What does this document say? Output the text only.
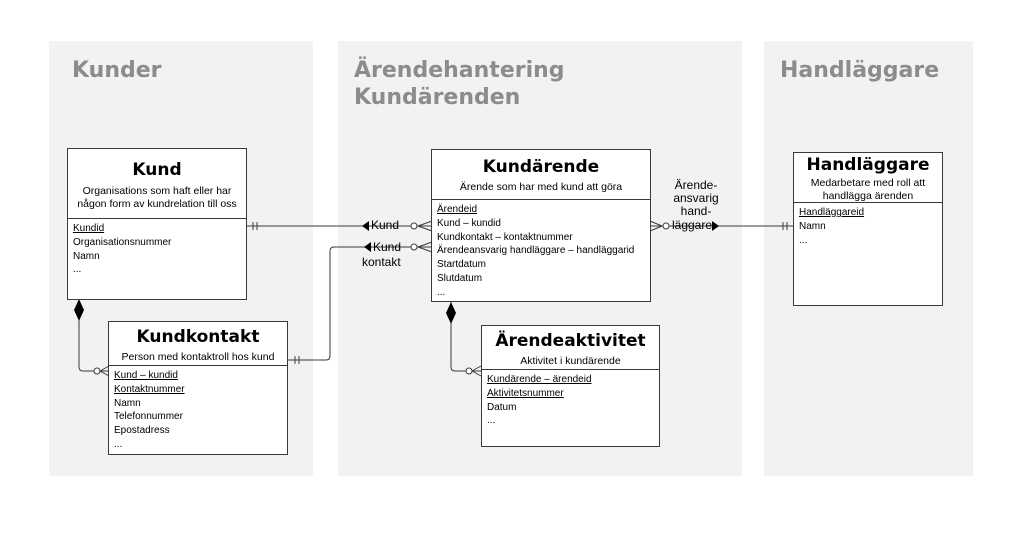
Kunder	Ärendehantering
Kundärenden
Handläggare
Kund
Kund
kontakt
Ärende-
ansvarig
hand-
läggare
Kund
Organisations som haft eller har
någon form av kundrelation till oss
Kundid
Organisationsnummer
Namn
...
Kundkontakt
Person med kontaktroll hos kund
Kund – kundid
Kontaktnummer
Namn
Telefonnummer
Epostadress
...
Kundärende
Ärende som har med kund att göra
Ärendeid
Kund – kundid
Kundkontakt – kontaktnummer
Ärendeansvarig handläggare – handläggarid
Startdatum
Slutdatum
...
Ärendeaktivitet
Aktivitet i kundärende
Kundärende – ärendeid
Aktivitetsnummer
Datum
...
Handläggare
Medarbetare med roll att
handlägga ärenden
Handläggareid
Namn
...
